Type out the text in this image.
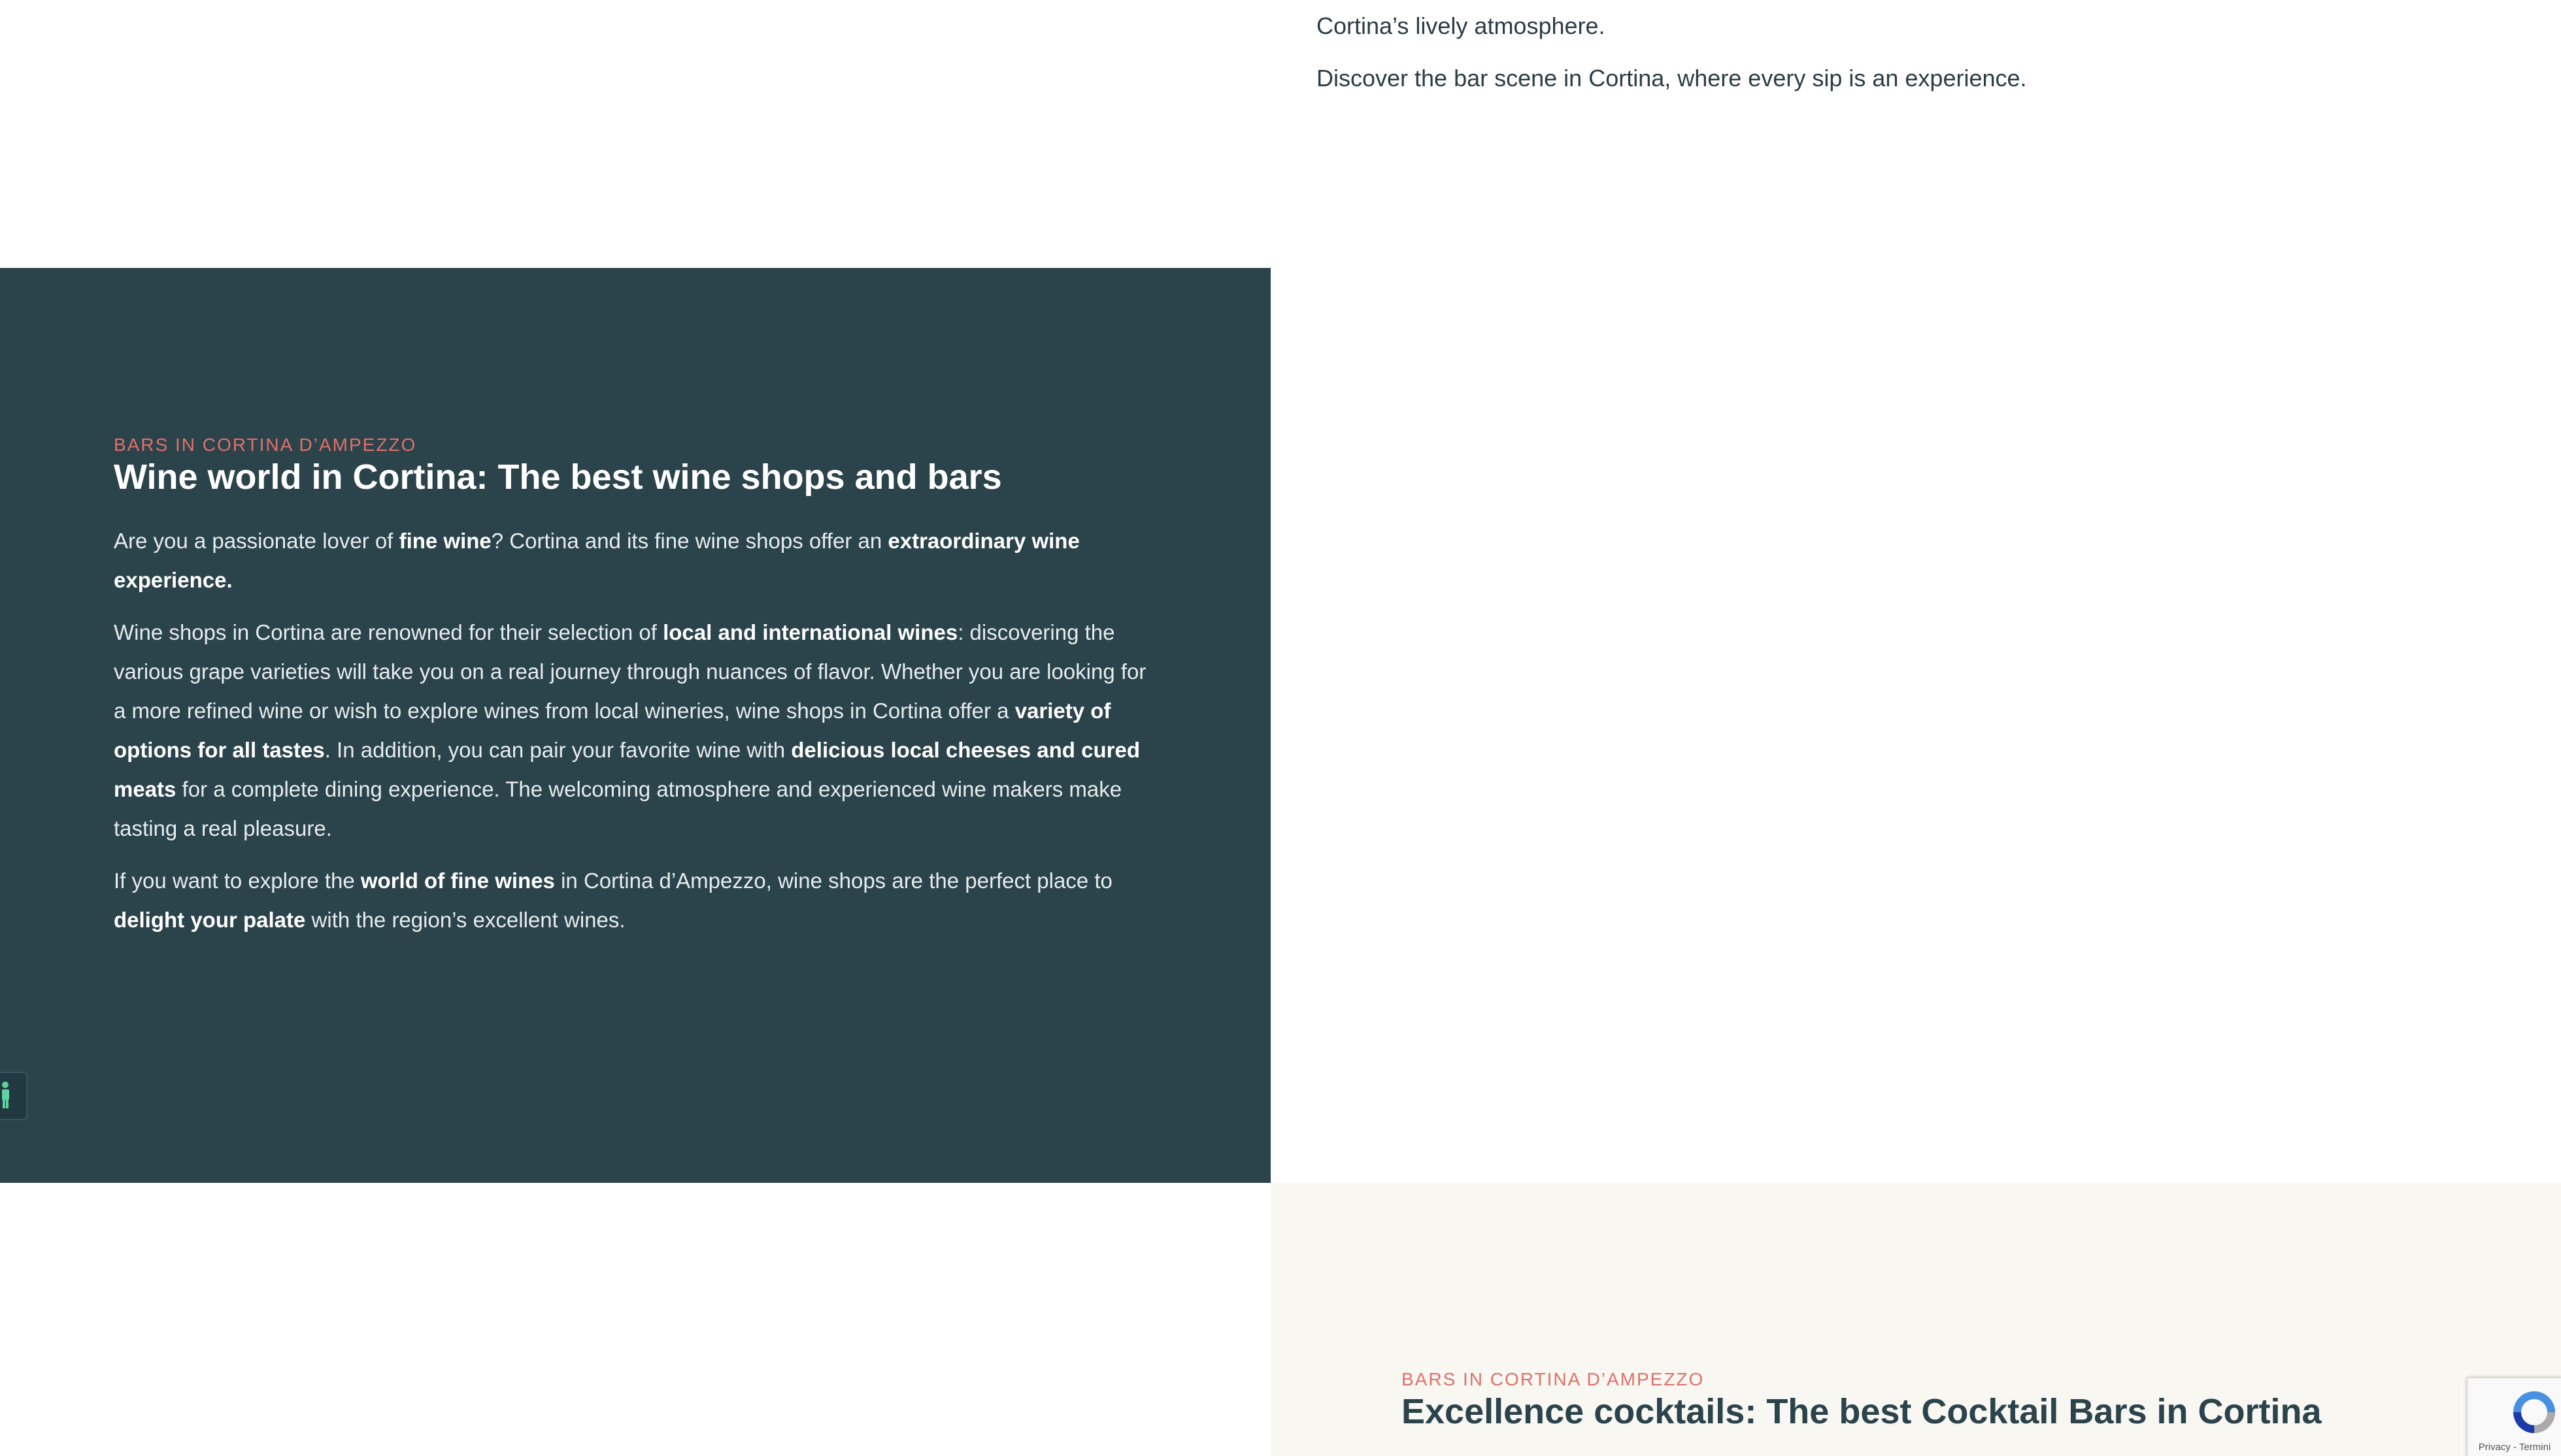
Cortina’s lively atmosphere.

Discover the bar scene in Cortina, where every sip is an experience.

BARS IN CORTINA D’AMPEZZO

Wine world in Cortina: The best wine shops and bars

Are you a passionate lover of fine wine? Cortina and its fine wine shops offer an extraordinary wine experience.

Wine shops in Cortina are renowned for their selection of local and international wines: discovering the various grape varieties will take you on a real journey through nuances of flavor. Whether you are looking for a more refined wine or wish to explore wines from local wineries, wine shops in Cortina offer a variety of options for all tastes. In addition, you can pair your favorite wine with delicious local cheeses and cured meats for a complete dining experience. The welcoming atmosphere and experienced wine makers make tasting a real pleasure.

If you want to explore the world of fine wines in Cortina d’Ampezzo, wine shops are the perfect place to delight your palate with the region’s excellent wines.

BARS IN CORTINA D’AMPEZZO

Excellence cocktails: The best Cocktail Bars in Cortina
Privacy - Termini
